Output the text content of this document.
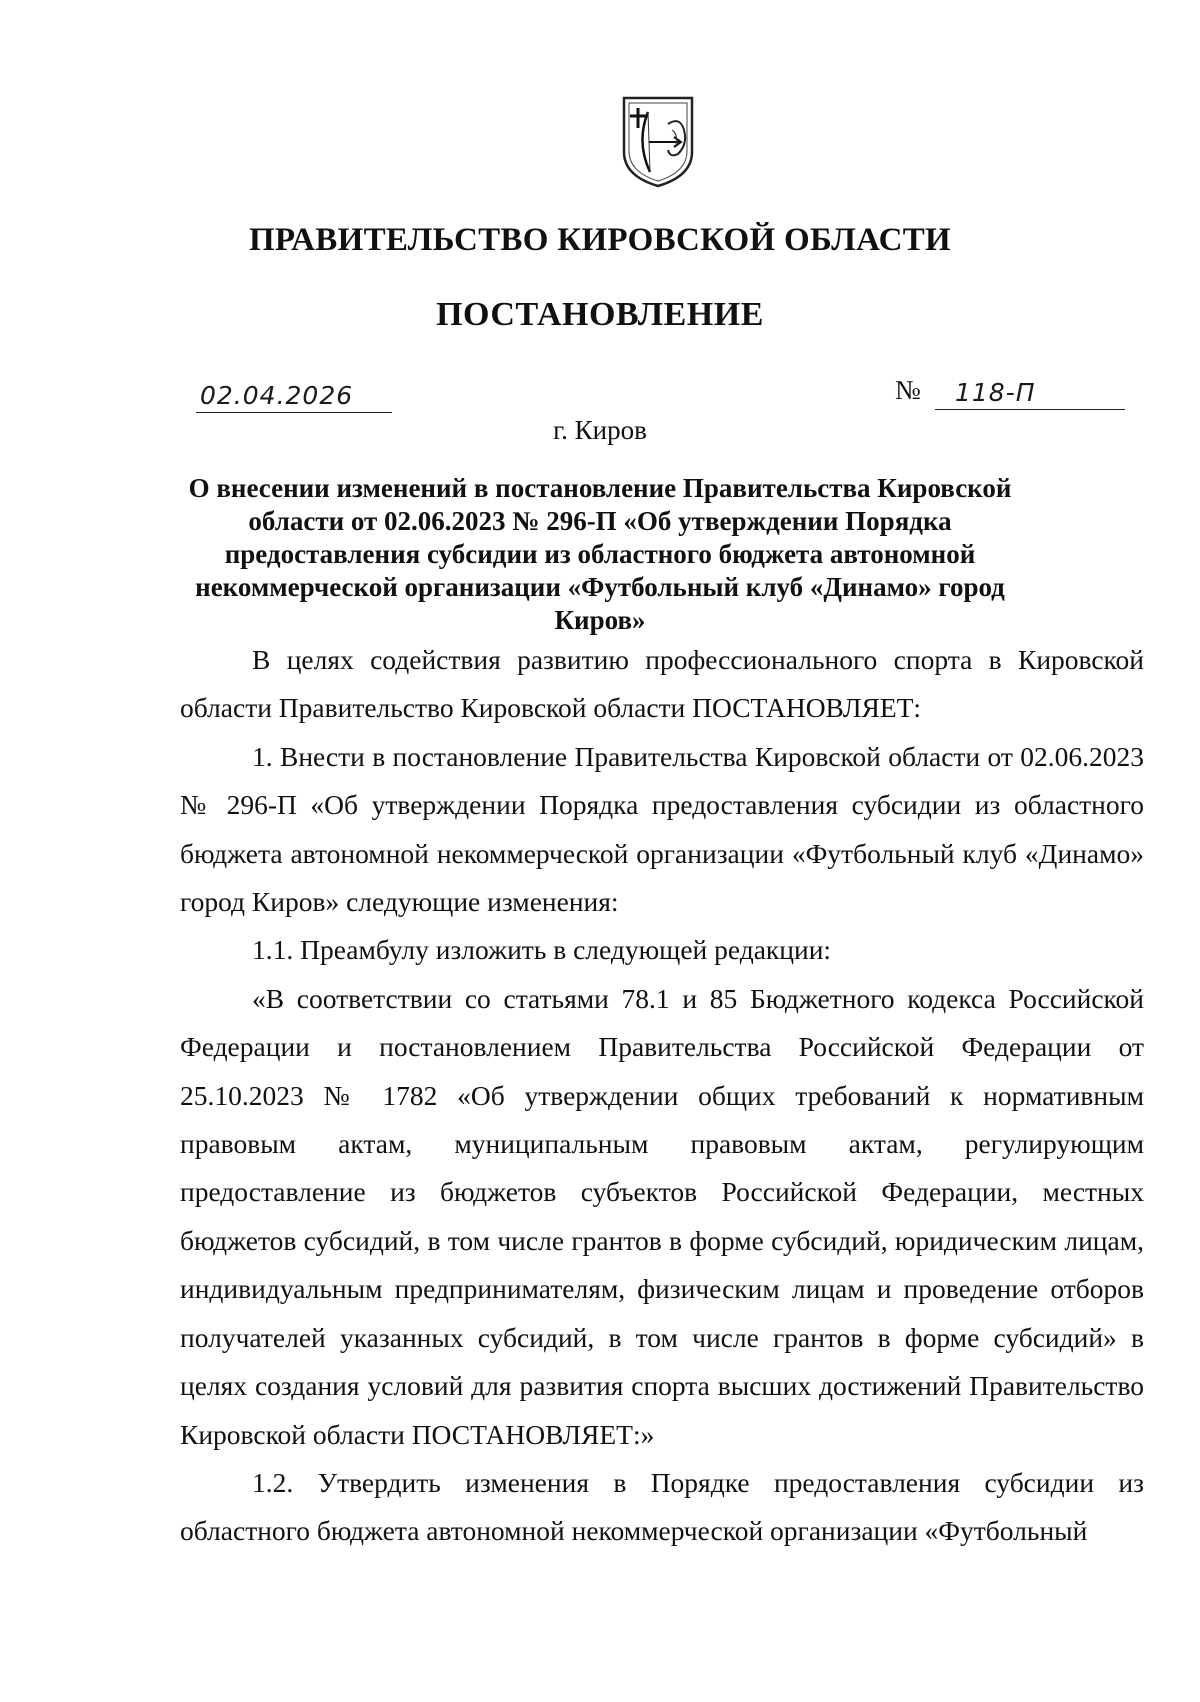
ПРАВИТЕЛЬСТВО КИРОВСКОЙ ОБЛАСТИ
ПОСТАНОВЛЕНИЕ
02.04.2026	№ 118-П
г. Киров
О внесении изменений в постановление Правительства Кировской области от 02.06.2023 № 296-П «Об утверждении Порядка предоставления субсидии из областного бюджета автономной некоммерческой организации «Футбольный клуб «Динамо» город Киров»

В целях содействия развитию профессионального спорта в Кировской области Правительство Кировской области ПОСТАНОВЛЯЕТ:

1. Внести в постановление Правительства Кировской области от 02.06.2023 № 296-П «Об утверждении Порядка предоставления субсидии из областного бюджета автономной некоммерческой организации «Футбольный клуб «Динамо» город Киров» следующие изменения:

1.1. Преамбулу изложить в следующей редакции:

«В соответствии со статьями 78.1 и 85 Бюджетного кодекса Российской Федерации и постановлением Правительства Российской Федерации от 25.10.2023 № 1782 «Об утверждении общих требований к нормативным правовым актам, муниципальным правовым актам, регулирующим предоставление из бюджетов субъектов Российской Федерации, местных бюджетов субсидий, в том числе грантов в форме субсидий, юридическим лицам, индивидуальным предпринимателям, физическим лицам и проведение отборов получателей указанных субсидий, в том числе грантов в форме субсидий» в целях создания условий для развития спорта высших достижений Правительство Кировской области ПОСТАНОВЛЯЕТ:»

1.2. Утвердить изменения в Порядке предоставления субсидии из областного бюджета автономной некоммерческой организации «Футбольный
